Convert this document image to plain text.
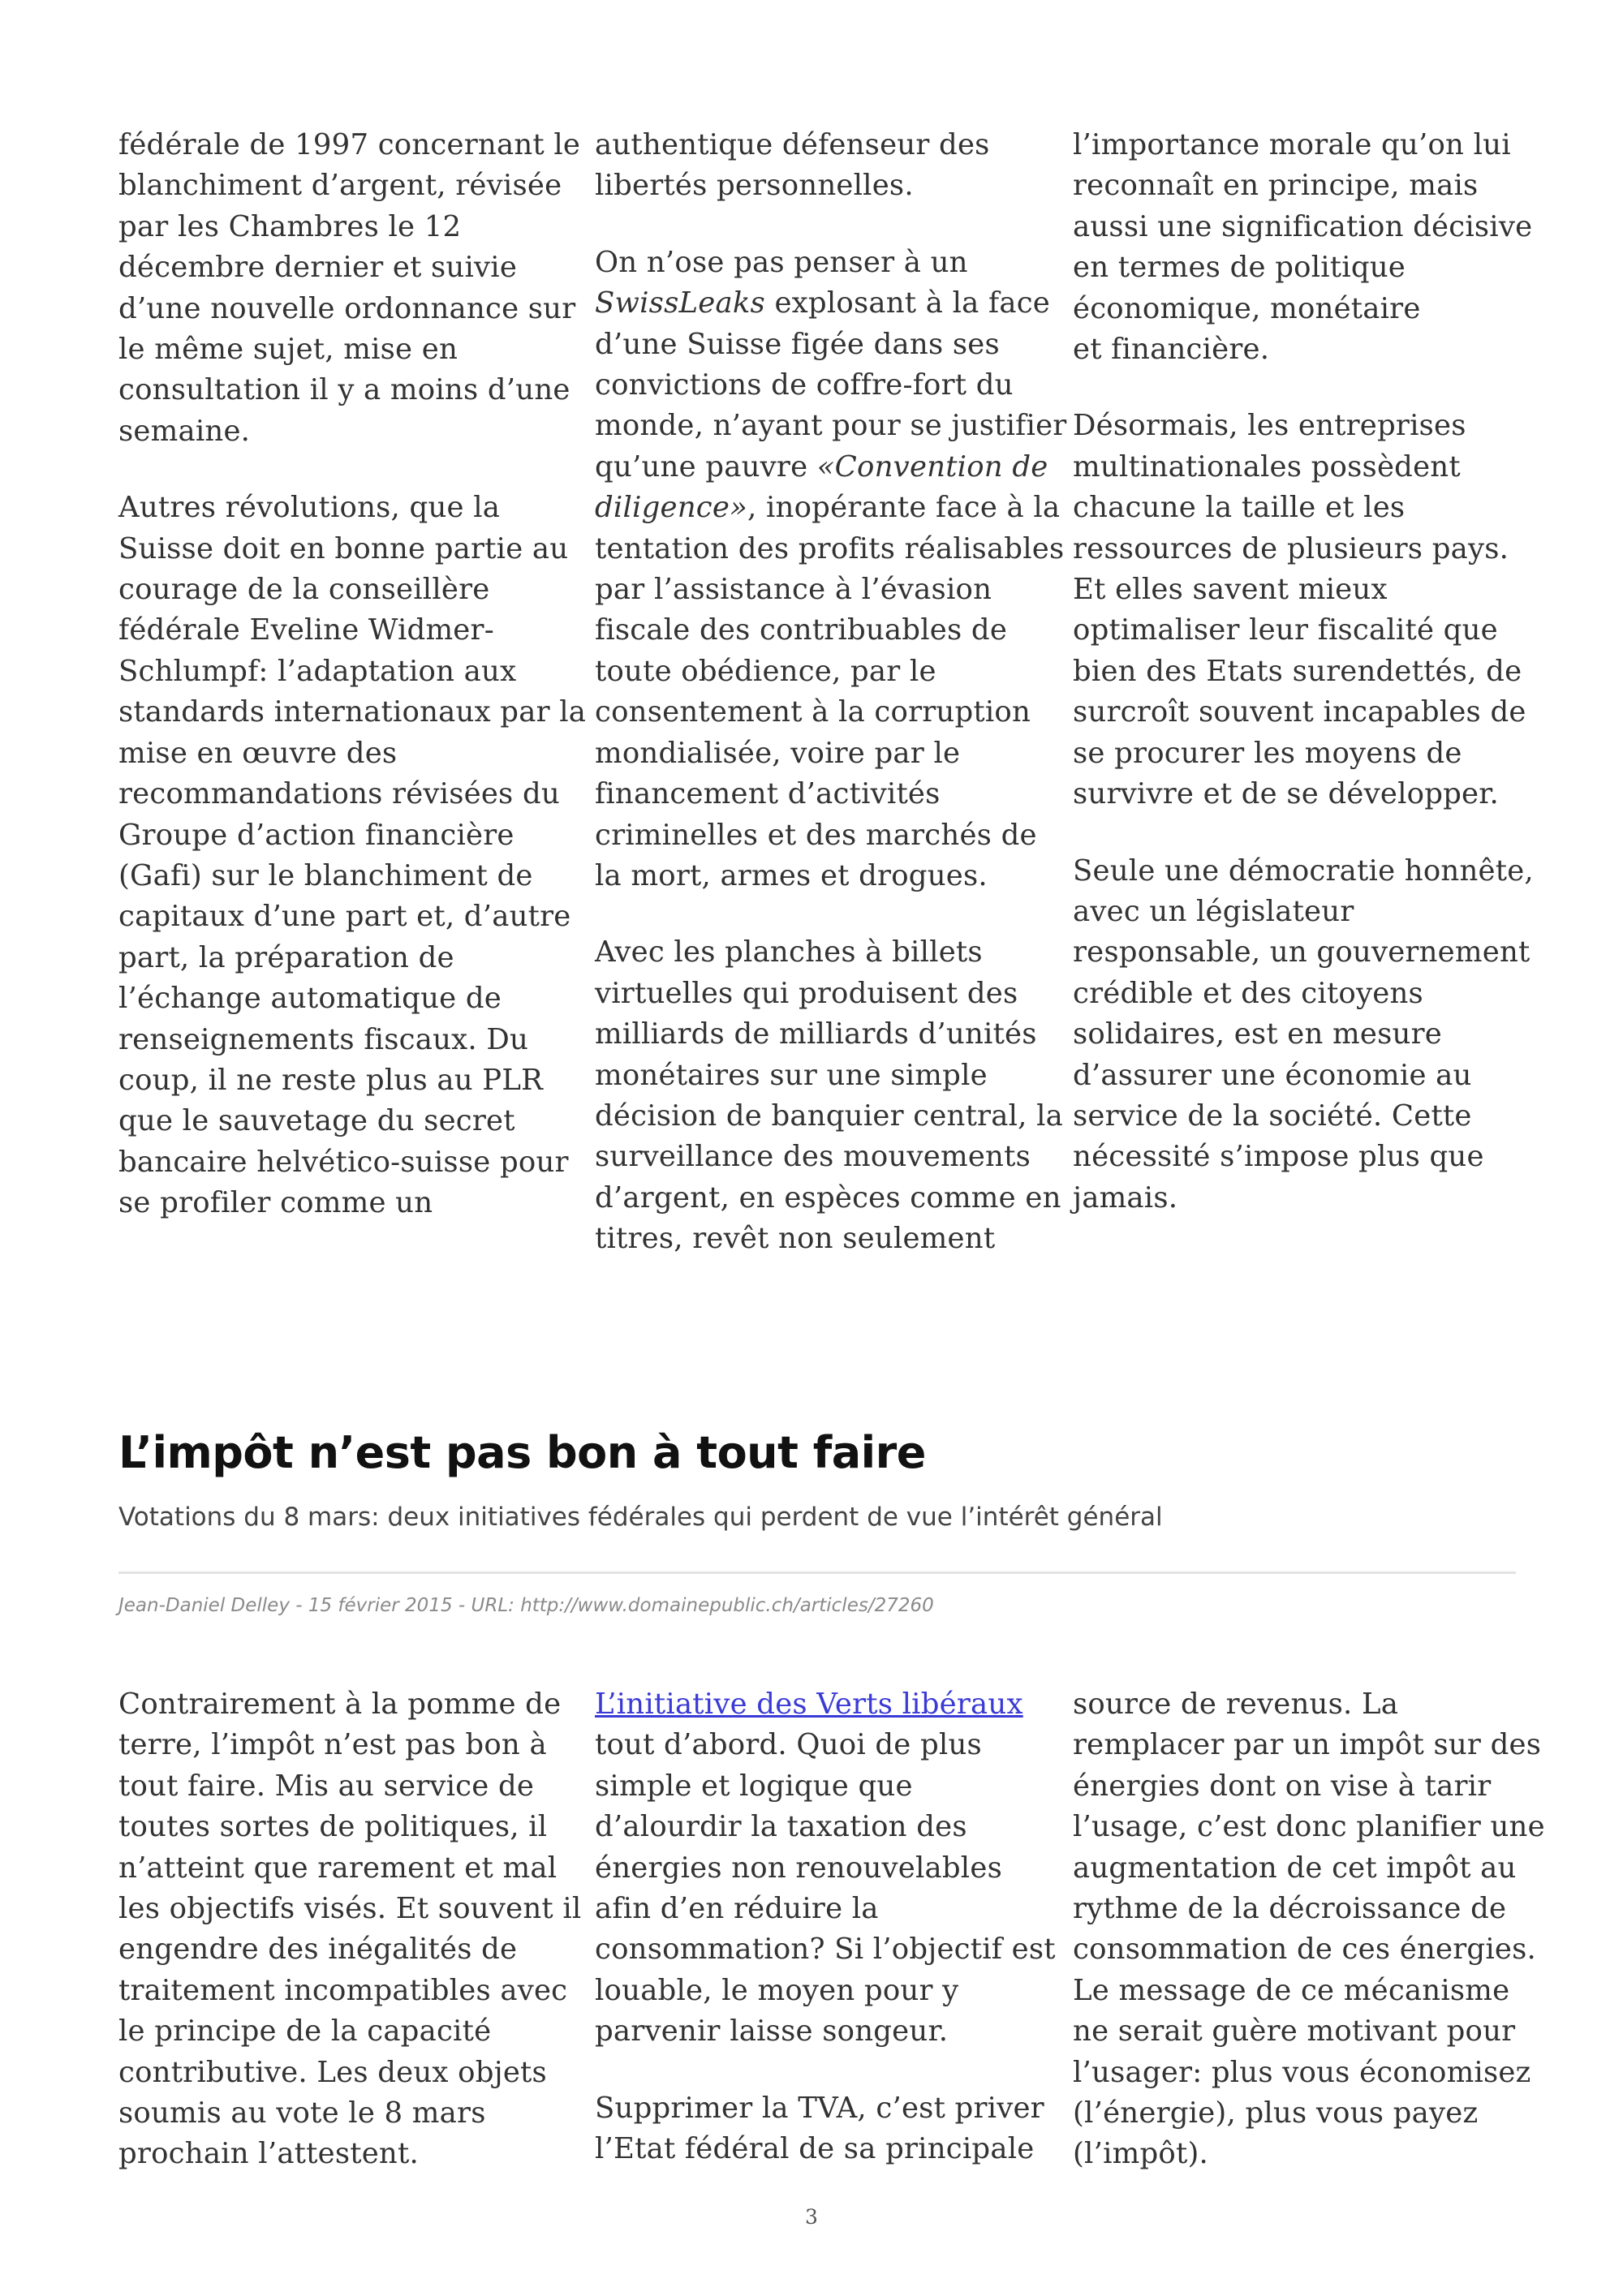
fédérale de 1997 concernant le
blanchiment d’argent, révisée
par les Chambres le 12
décembre dernier et suivie
d’une nouvelle ordonnance sur
le même sujet, mise en
consultation il y a moins d’une
semaine.

Autres révolutions, que la
Suisse doit en bonne partie au
courage de la conseillère
fédérale Eveline Widmer-
Schlumpf: l’adaptation aux
standards internationaux par la
mise en œuvre des
recommandations révisées du
Groupe d’action financière
(Gafi) sur le blanchiment de
capitaux d’une part et, d’autre
part, la préparation de
l’échange automatique de
renseignements fiscaux. Du
coup, il ne reste plus au PLR
que le sauvetage du secret
bancaire helvético-suisse pour
se profiler comme un

authentique défenseur des
libertés personnelles.

On n’ose pas penser à un
SwissLeaks explosant à la face
d’une Suisse figée dans ses
convictions de coffre-fort du
monde, n’ayant pour se justifier
qu’une pauvre «Convention de
diligence», inopérante face à la
tentation des profits réalisables
par l’assistance à l’évasion
fiscale des contribuables de
toute obédience, par le
consentement à la corruption
mondialisée, voire par le
financement d’activités
criminelles et des marchés de
la mort, armes et drogues.

Avec les planches à billets
virtuelles qui produisent des
milliards de milliards d’unités
monétaires sur une simple
décision de banquier central, la
surveillance des mouvements
d’argent, en espèces comme en
titres, revêt non seulement

l’importance morale qu’on lui
reconnaît en principe, mais
aussi une signification décisive
en termes de politique
économique, monétaire
et financière.

Désormais, les entreprises
multinationales possèdent
chacune la taille et les
ressources de plusieurs pays.
Et elles savent mieux
optimaliser leur fiscalité que
bien des Etats surendettés, de
surcroît souvent incapables de
se procurer les moyens de
survivre et de se développer.

Seule une démocratie honnête,
avec un législateur
responsable, un gouvernement
crédible et des citoyens
solidaires, est en mesure
d’assurer une économie au
service de la société. Cette
nécessité s’impose plus que
jamais.

L’impôt n’est pas bon à tout faire

Votations du 8 mars: deux initiatives fédérales qui perdent de vue l’intérêt général

Jean-Daniel Delley - 15 février 2015 - URL: http://www.domainepublic.ch/articles/27260

Contrairement à la pomme de
terre, l’impôt n’est pas bon à
tout faire. Mis au service de
toutes sortes de politiques, il
n’atteint que rarement et mal
les objectifs visés. Et souvent il
engendre des inégalités de
traitement incompatibles avec
le principe de la capacité
contributive. Les deux objets
soumis au vote le 8 mars
prochain l’attestent.

L’initiative des Verts libéraux
tout d’abord. Quoi de plus
simple et logique que
d’alourdir la taxation des
énergies non renouvelables
afin d’en réduire la
consommation? Si l’objectif est
louable, le moyen pour y
parvenir laisse songeur.

Supprimer la TVA, c’est priver
l’Etat fédéral de sa principale

source de revenus. La
remplacer par un impôt sur des
énergies dont on vise à tarir
l’usage, c’est donc planifier une
augmentation de cet impôt au
rythme de la décroissance de
consommation de ces énergies.
Le message de ce mécanisme
ne serait guère motivant pour
l’usager: plus vous économisez
(l’énergie), plus vous payez
(l’impôt).

3
